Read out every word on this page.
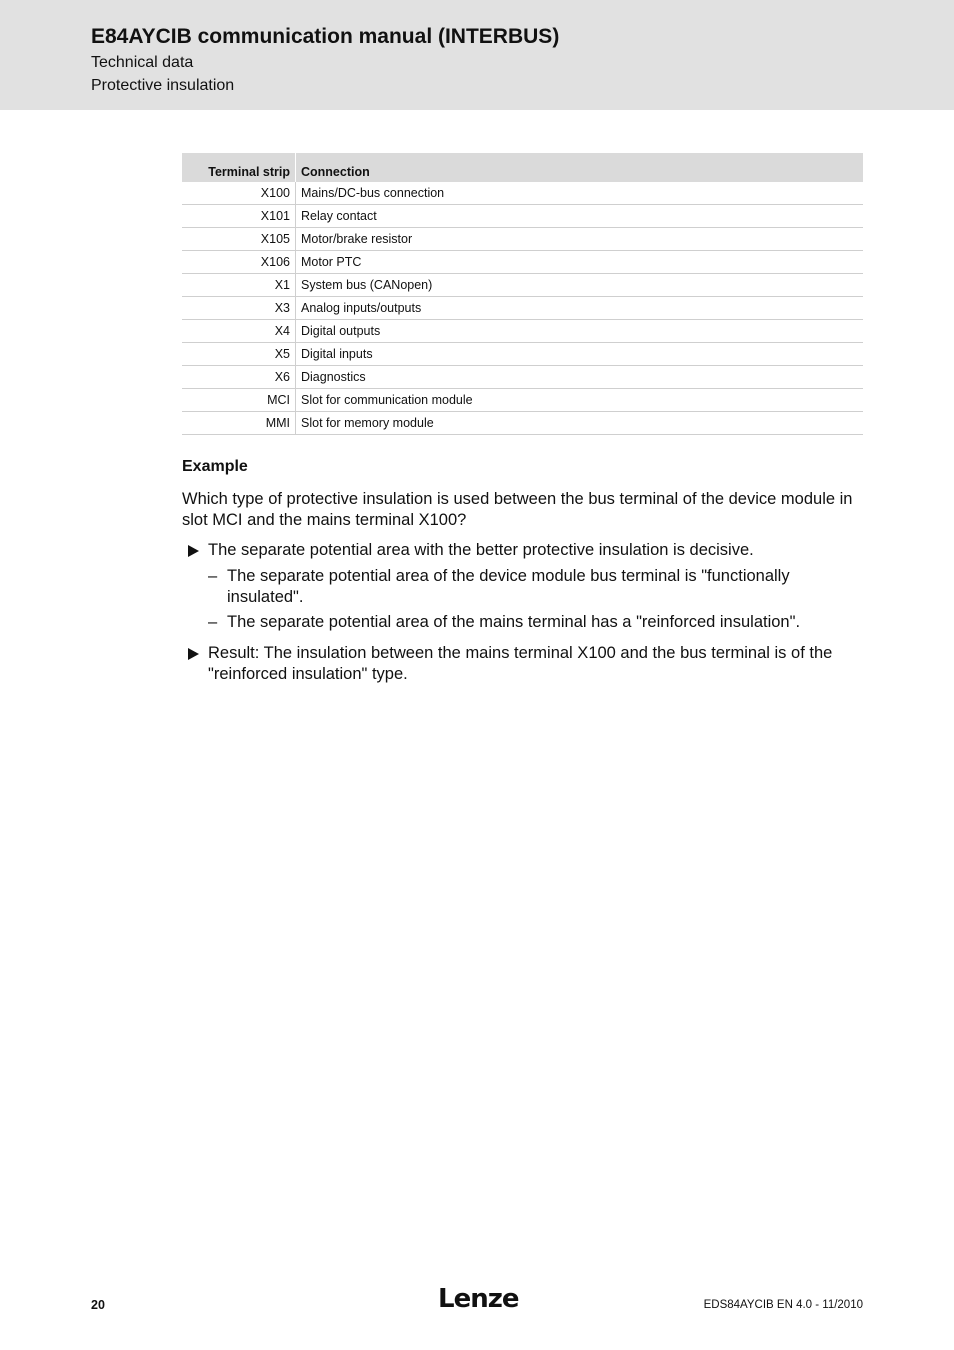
E84AYCIB communication manual (INTERBUS)
Technical data
Protective insulation
Terminal strip	Connection
X100	Mains/DC-bus connection
X101	Relay contact
X105	Motor/brake resistor
X106	Motor PTC
X1	System bus (CANopen)
X3	Analog inputs/outputs
X4	Digital outputs
X5	Digital inputs
X6	Diagnostics
MCI	Slot for communication module
MMI	Slot for memory module
Example
Which type of protective insulation is used between the bus terminal of the device module in slot MCI and the mains terminal X100?
The separate potential area with the better protective insulation is decisive.
– The separate potential area of the device module bus terminal is "functionally insulated".
– The separate potential area of the mains terminal has a "reinforced insulation".
Result: The insulation between the mains terminal X100 and the bus terminal is of the "reinforced insulation" type.
20	Lenze	EDS84AYCIB EN 4.0 - 11/2010
